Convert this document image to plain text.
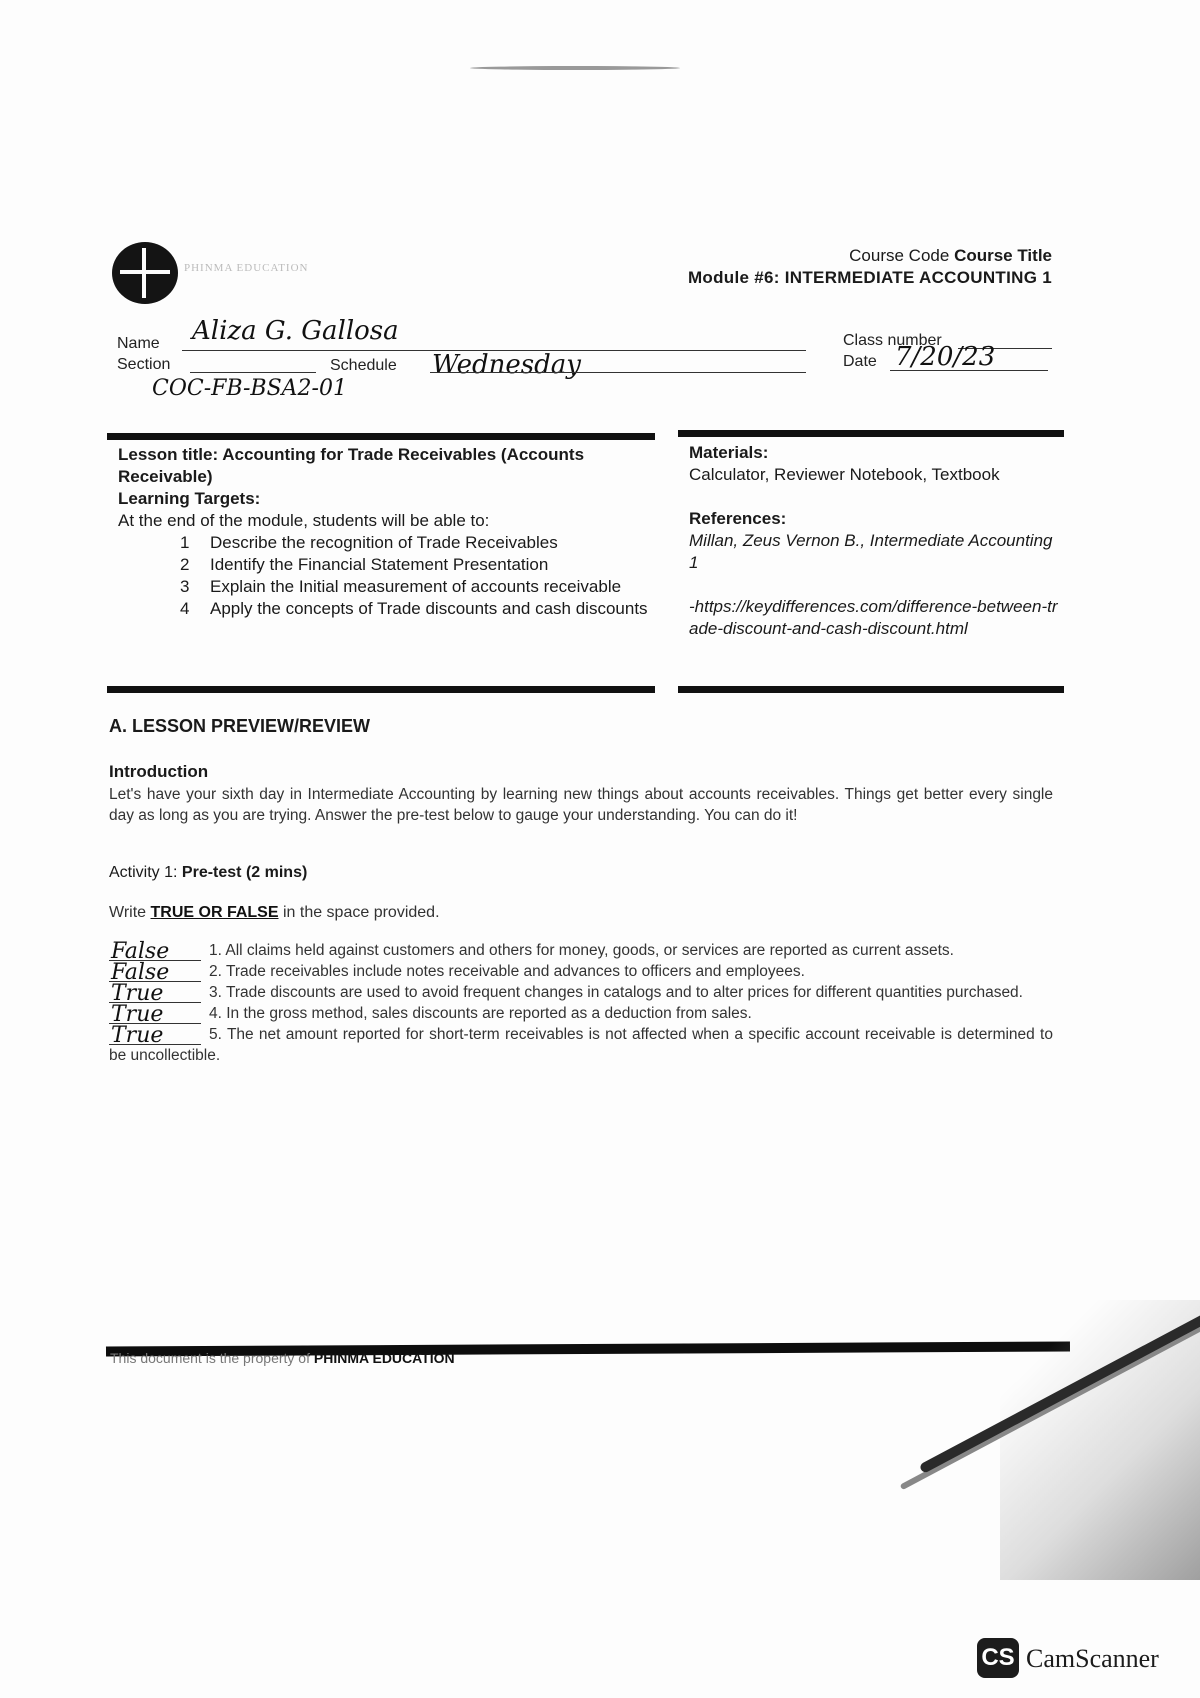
PHINMA EDUCATION
Course Code Course Title
Module #6: INTERMEDIATE ACCOUNTING 1
Name Aliza G. Gallosa
Section
COC-FB-BSA2-01
Schedule Wednesday
Class number
Date 7/20/23
Lesson title: Accounting for Trade Receivables (Accounts Receivable)
Learning Targets:
At the end of the module, students will be able to:
1	Describe the recognition of Trade Receivables
2	Identify the Financial Statement Presentation
3	Explain the Initial measurement of accounts receivable
4	Apply the concepts of Trade discounts and cash discounts
Materials:
Calculator, Reviewer Notebook, Textbook
References:
Millan, Zeus Vernon B., Intermediate Accounting 1
-https://keydifferences.com/difference-between-trade-discount-and-cash-discount.html
A. LESSON PREVIEW/REVIEW
Introduction
Let's have your sixth day in Intermediate Accounting by learning new things about accounts receivables. Things get better every single day as long as you are trying. Answer the pre-test below to gauge your understanding. You can do it!
Activity 1: Pre-test (2 mins)
Write TRUE OR FALSE in the space provided.
False	1. All claims held against customers and others for money, goods, or services are reported as current assets.
False	2. Trade receivables include notes receivable and advances to officers and employees.
True	3. Trade discounts are used to avoid frequent changes in catalogs and to alter prices for different quantities purchased.
True	4. In the gross method, sales discounts are reported as a deduction from sales.
True	5. The net amount reported for short-term receivables is not affected when a specific account receivable is determined to be uncollectible.
This document is the property of PHINMA EDUCATION
CS CamScanner
